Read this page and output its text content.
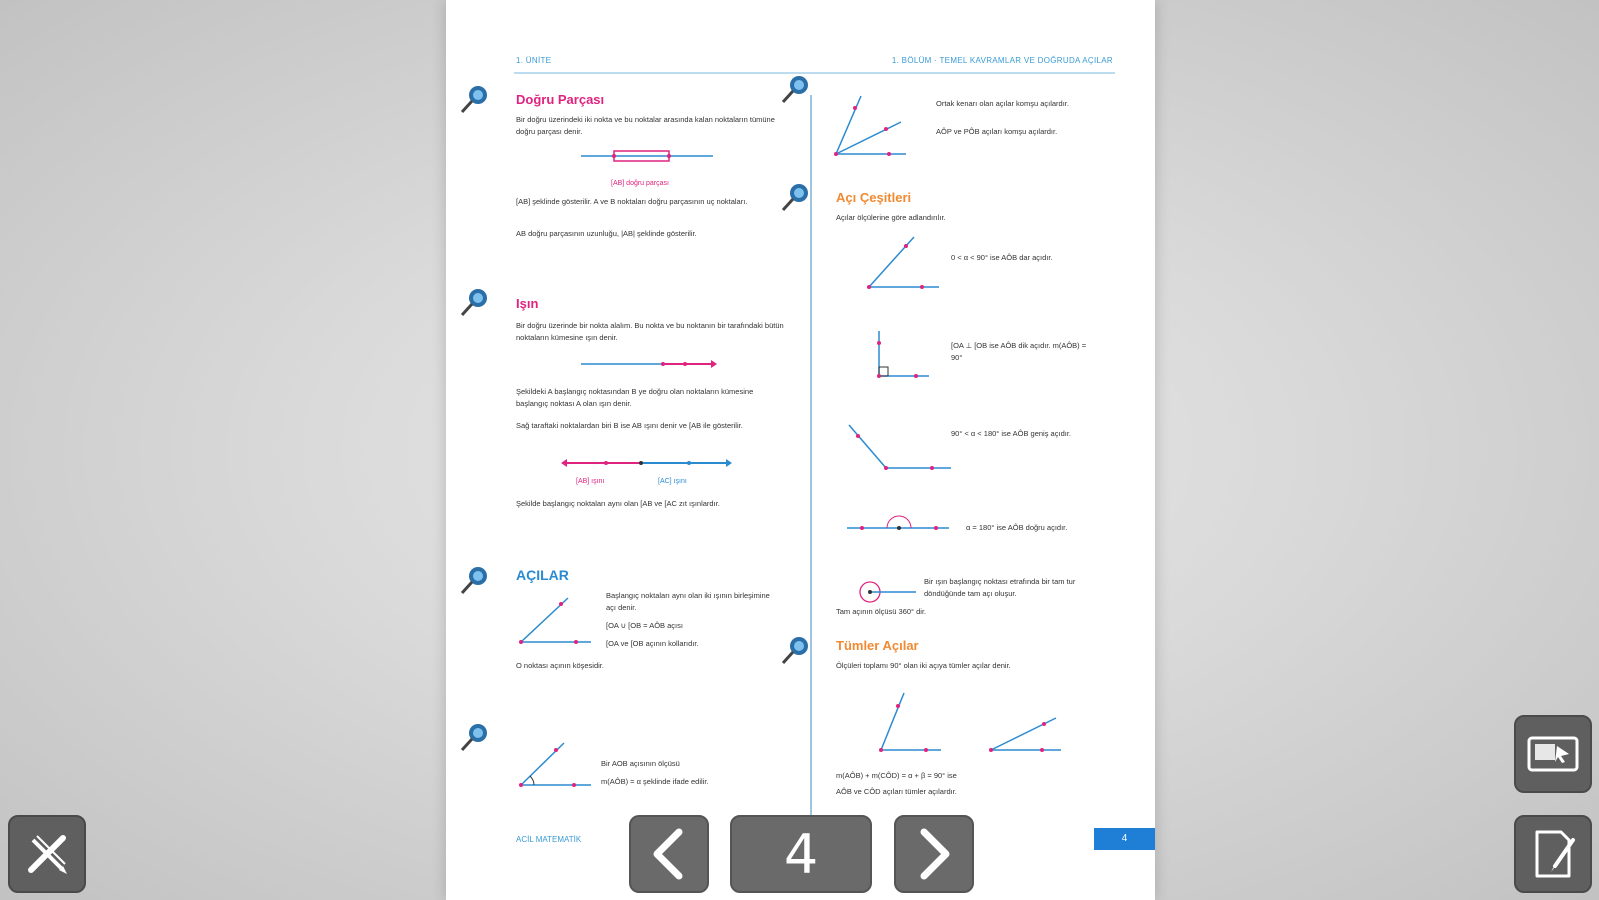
1. ÜNİTE	1. BÖLÜM · TEMEL KAVRAMLAR VE DOĞRUDA AÇILAR
Doğru Parçası
Bir doğru üzerindeki iki nokta ve bu noktalar arasında kalan noktaların tümüne doğru parçası denir.
[AB] doğru parçası
[AB] şeklinde gösterilir. A ve B noktaları doğru parçasının uç noktaları.
AB doğru parçasının uzunluğu, |AB| şeklinde gösterilir.
Işın
Bir doğru üzerinde bir nokta alalım. Bu nokta ve bu noktanın bir tarafındaki bütün noktaların kümesine ışın denir.
Şekildeki A başlangıç noktasından B ye doğru olan noktaların kümesine başlangıç noktası A olan ışın denir.
Sağ taraftaki noktalardan biri B ise AB ışını denir ve [AB ile gösterilir.
[AB] ışını	[AC] ışını
Şekilde başlangıç noktaları aynı olan [AB ve [AC zıt ışınlardır.
AÇILAR
Başlangıç noktaları aynı olan iki ışının birleşimine açı denir.
[OA ∪ [OB = AÔB açısı
[OA ve [OB açının kollarıdır.
O noktası açının köşesidir.
Bir AOB açısının ölçüsü
m(AÔB) = α şeklinde ifade edilir.
Ortak kenarı olan açılar komşu açılardır.
AÔP ve PÔB açıları komşu açılardır.
Açı Çeşitleri
Açılar ölçülerine göre adlandırılır.
0 < α < 90° ise AÔB dar açıdır.
[OA ⊥ [OB ise AÔB dik açıdır. m(AÔB) = 90°
90° < α < 180° ise AÔB geniş açıdır.
α = 180° ise AÔB doğru açıdır.
Bir ışın başlangıç noktası etrafında bir tam tur döndüğünde tam açı oluşur.
Tam açının ölçüsü 360° dir.
Tümler Açılar
Ölçüleri toplamı 90° olan iki açıya tümler açılar denir.
m(AÔB) + m(CÔD) = α + β = 90° ise
AÔB ve CÔD açıları tümler açılardır.
ACİL MATEMATİK	4
4
